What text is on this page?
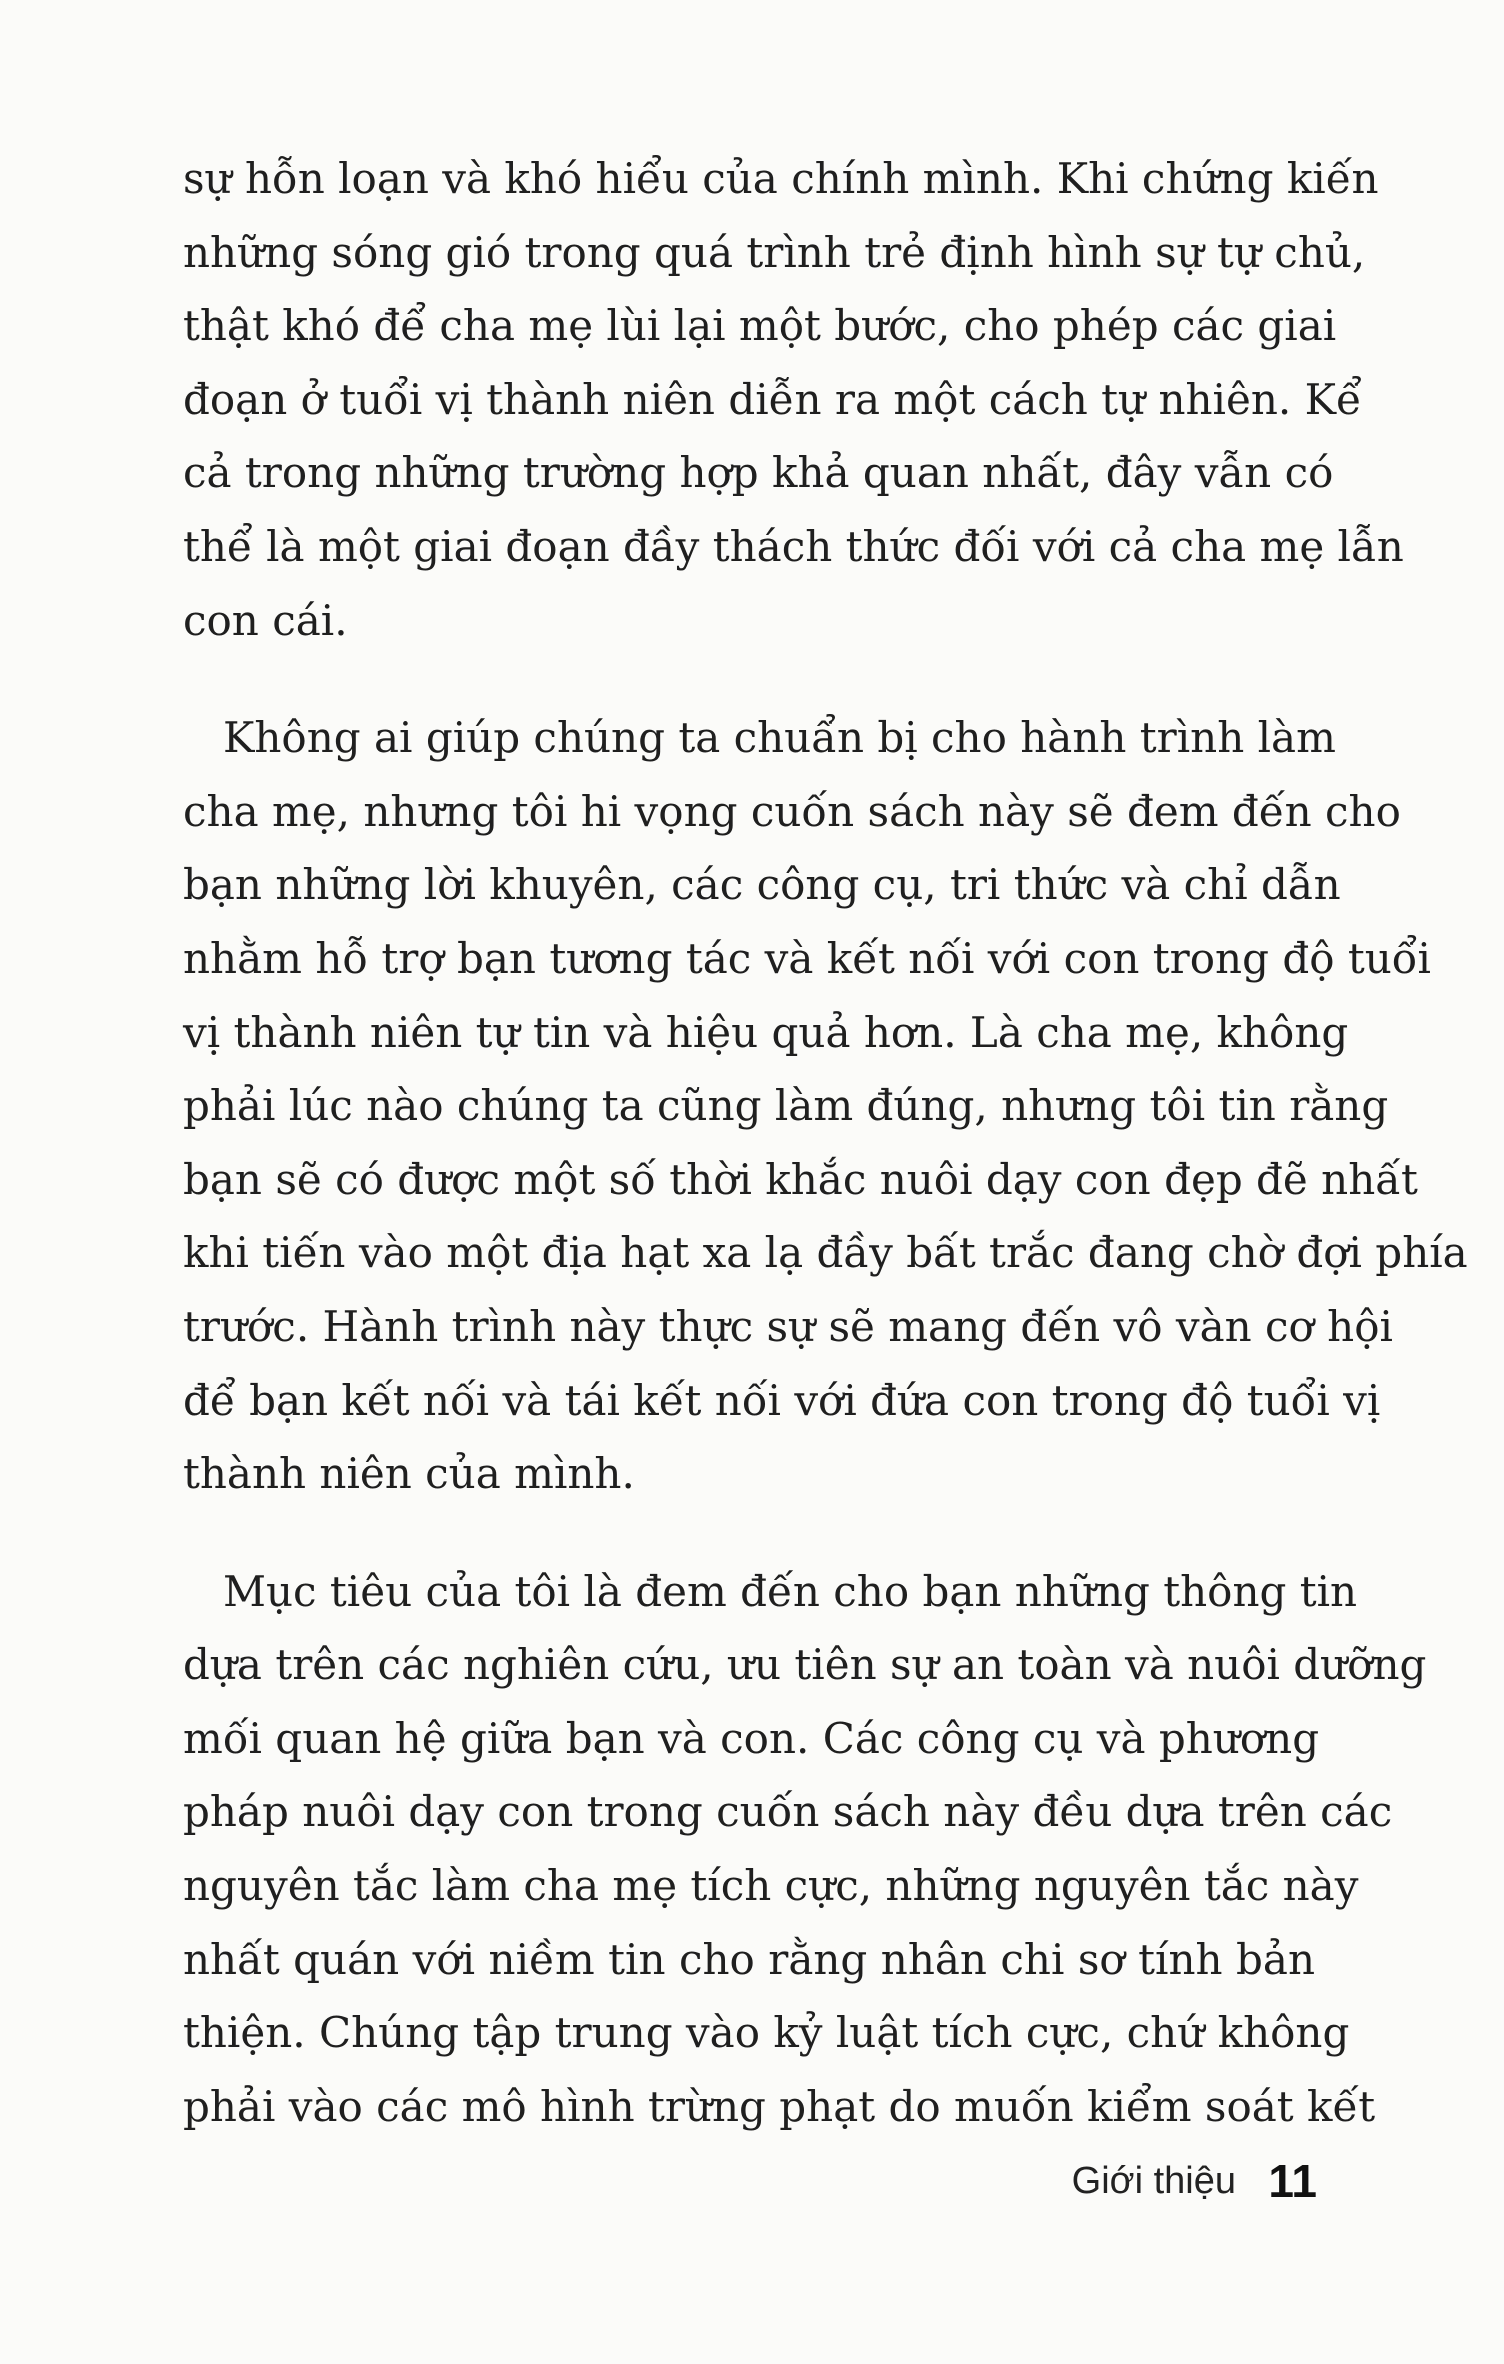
sự hỗn loạn và khó hiểu của chính mình. Khi chứng kiến
những sóng gió trong quá trình trẻ định hình sự tự chủ,
thật khó để cha mẹ lùi lại một bước, cho phép các giai
đoạn ở tuổi vị thành niên diễn ra một cách tự nhiên. Kể
cả trong những trường hợp khả quan nhất, đây vẫn có
thể là một giai đoạn đầy thách thức đối với cả cha mẹ lẫn
con cái.

Không ai giúp chúng ta chuẩn bị cho hành trình làm
cha mẹ, nhưng tôi hi vọng cuốn sách này sẽ đem đến cho
bạn những lời khuyên, các công cụ, tri thức và chỉ dẫn
nhằm hỗ trợ bạn tương tác và kết nối với con trong độ tuổi
vị thành niên tự tin và hiệu quả hơn. Là cha mẹ, không
phải lúc nào chúng ta cũng làm đúng, nhưng tôi tin rằng
bạn sẽ có được một số thời khắc nuôi dạy con đẹp đẽ nhất
khi tiến vào một địa hạt xa lạ đầy bất trắc đang chờ đợi phía
trước. Hành trình này thực sự sẽ mang đến vô vàn cơ hội
để bạn kết nối và tái kết nối với đứa con trong độ tuổi vị
thành niên của mình.

Mục tiêu của tôi là đem đến cho bạn những thông tin
dựa trên các nghiên cứu, ưu tiên sự an toàn và nuôi dưỡng
mối quan hệ giữa bạn và con. Các công cụ và phương
pháp nuôi dạy con trong cuốn sách này đều dựa trên các
nguyên tắc làm cha mẹ tích cực, những nguyên tắc này
nhất quán với niềm tin cho rằng nhân chi sơ tính bản
thiện. Chúng tập trung vào kỷ luật tích cực, chứ không
phải vào các mô hình trừng phạt do muốn kiểm soát kết

Giới thiệu 11
